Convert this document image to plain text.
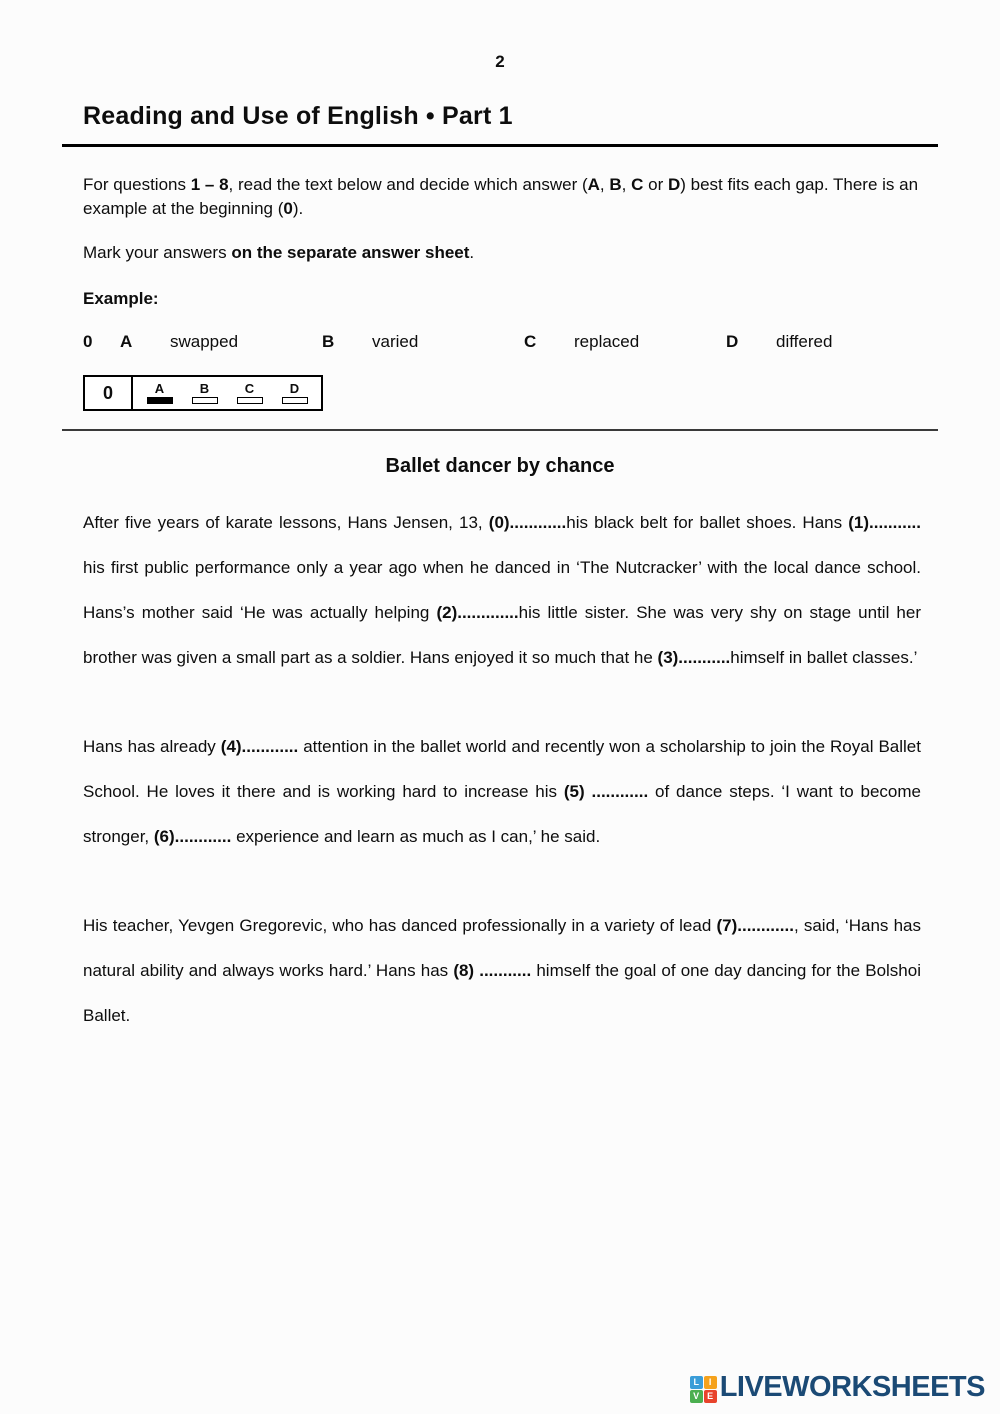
2
Reading and Use of English • Part 1

For questions 1 – 8, read the text below and decide which answer (A, B, C or D) best fits each gap. There is an example at the beginning (0).

Mark your answers on the separate answer sheet.

Example:

0	A	swapped	B	varied	C	replaced	D	differed
0	A	B	C	D
Ballet dancer by chance

After five years of karate lessons, Hans Jensen, 13, (0)............his black belt for ballet shoes. Hans (1)........... his first public performance only a year ago when he danced in ‘The Nutcracker’ with the local dance school. Hans’s mother said ‘He was actually helping (2).............his little sister. She was very shy on stage until her brother was given a small part as a soldier. Hans enjoyed it so much that he (3)...........himself in ballet classes.’

Hans has already (4)............ attention in the ballet world and recently won a scholarship to join the Royal Ballet School. He loves it there and is working hard to increase his (5) ............ of dance steps. ‘I want to become stronger, (6)............ experience and learn as much as I can,’ he said.

His teacher, Yevgen Gregorevic, who has danced professionally in a variety of lead (7)............, said, ‘Hans has natural ability and always works hard.’ Hans has (8) ........... himself the goal of one day dancing for the Bolshoi Ballet.

L	I
V E LIVEWORKSHEETS
